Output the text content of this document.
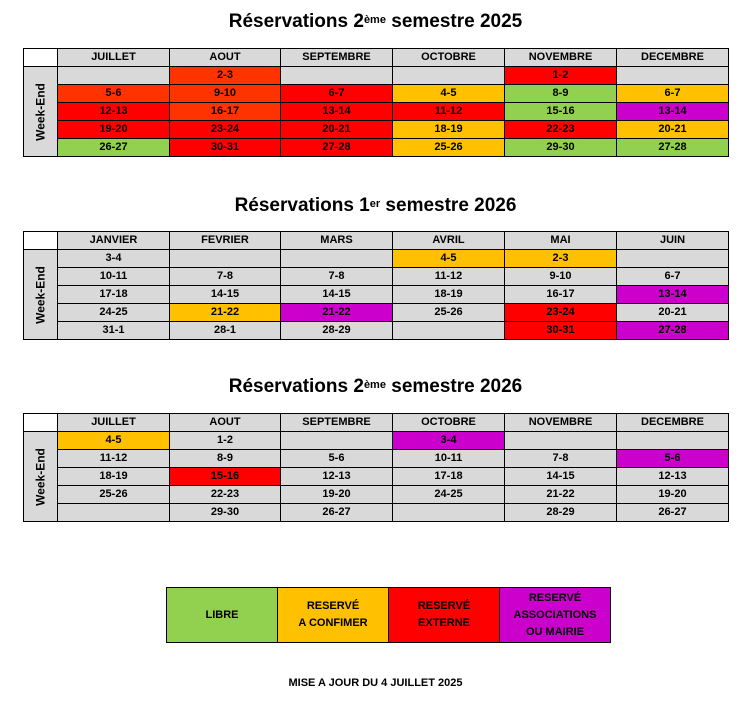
Réservations 2ème semestre 2025
	JUILLET	AOUT	SEPTEMBRE	OCTOBRE	NOVEMBRE	DECEMBRE

Week-End		2-3			1-2	
	5-6	9-10	6-7	4-5	8-9	6-7
	12-13	16-17	13-14	11-12	15-16	13-14
	19-20	23-24	20-21	18-19	22-23	20-21
	26-27	30-31	27-28	25-26	29-30	27-28
Réservations 1er semestre 2026
	JANVIER	FEVRIER	MARS	AVRIL	MAI	JUIN

Week-End	3-4			4-5	2-3	
	10-11	7-8	7-8	11-12	9-10	6-7
	17-18	14-15	14-15	18-19	16-17	13-14
	24-25	21-22	21-22	25-26	23-24	20-21
	31-1	28-1	28-29		30-31	27-28
Réservations 2ème semestre 2026
	JUILLET	AOUT	SEPTEMBRE	OCTOBRE	NOVEMBRE	DECEMBRE

Week-End	4-5	1-2		3-4		
	11-12	8-9	5-6	10-11	7-8	5-6
	18-19	15-16	12-13	17-18	14-15	12-13
	25-26	22-23	19-20	24-25	21-22	19-20
		29-30	26-27		28-29	26-27
LIBRE	RESERVÉ
A CONFIMER	RESERVÉ
EXTERNE	RESERVÉ
ASSOCIATIONS
OU MAIRIE
MISE A JOUR DU 4 JUILLET 2025
